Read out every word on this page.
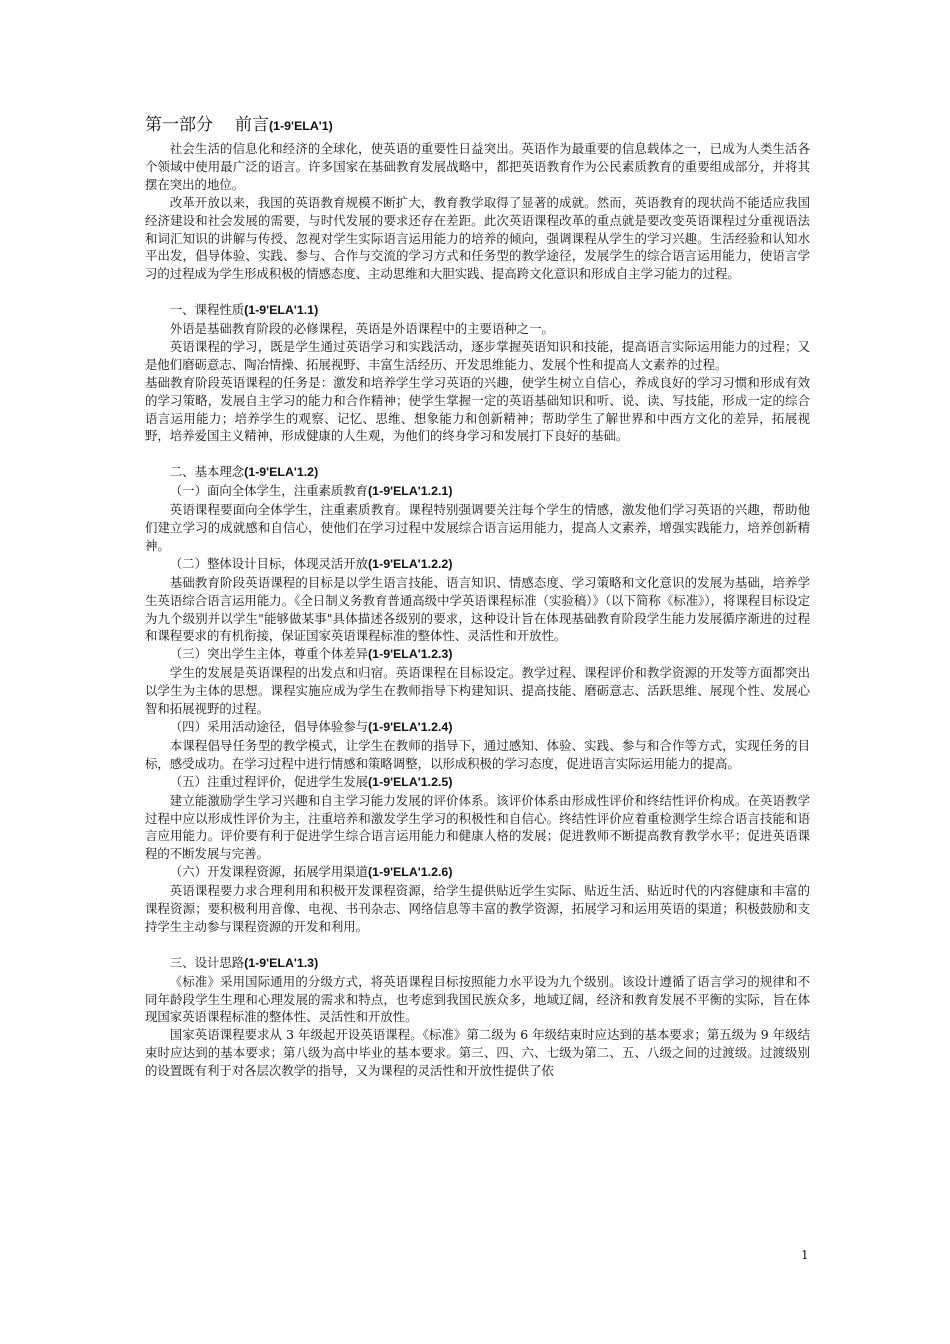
第一部分 前言(1-9'ELA'1)

社会生活的信息化和经济的全球化，使英语的重要性日益突出。英语作为最重要的信息载体之一，已成为人类生活各个领域中使用最广泛的语言。许多国家在基础教育发展战略中，都把英语教育作为公民素质教育的重要组成部分，并将其摆在突出的地位。

改革开放以来，我国的英语教育规模不断扩大，教育教学取得了显著的成就。然而，英语教育的现状尚不能适应我国经济建设和社会发展的需要，与时代发展的要求还存在差距。此次英语课程改革的重点就是要改变英语课程过分重视语法和词汇知识的讲解与传授、忽视对学生实际语言运用能力的培养的倾向，强调课程从学生的学习兴趣。生活经验和认知水平出发，倡导体验、实践、参与、合作与交流的学习方式和任务型的教学途径，发展学生的综合语言运用能力，使语言学习的过程成为学生形成积极的情感态度、主动思维和大胆实践、提高跨文化意识和形成自主学习能力的过程。

一、课程性质(1-9'ELA'1.1)

外语是基础教育阶段的必修课程，英语是外语课程中的主要语种之一。

英语课程的学习，既是学生通过英语学习和实践活动，逐步掌握英语知识和技能，提高语言实际运用能力的过程；又是他们磨砺意志、陶冶情操、拓展视野、丰富生活经历、开发思维能力、发展个性和提高人文素养的过程。

基础教育阶段英语课程的任务是：激发和培养学生学习英语的兴趣，使学生树立自信心，养成良好的学习习惯和形成有效的学习策略，发展自主学习的能力和合作精神；使学生掌握一定的英语基础知识和听、说、读、写技能，形成一定的综合语言运用能力；培养学生的观察、记忆、思维、想象能力和创新精神；帮助学生了解世界和中西方文化的差异，拓展视野，培养爱国主义精神，形成健康的人生观，为他们的终身学习和发展打下良好的基础。

二、基本理念(1-9'ELA'1.2)

（一）面向全体学生，注重素质教育(1-9'ELA'1.2.1)

英语课程要面向全体学生，注重素质教育。课程特别强调要关注每个学生的情感，激发他们学习英语的兴趣，帮助他们建立学习的成就感和自信心，使他们在学习过程中发展综合语言运用能力，提高人文素养，增强实践能力，培养创新精神。

（二）整体设计目标，体现灵活开放(1-9'ELA'1.2.2)

基础教育阶段英语课程的目标是以学生语言技能、语言知识、情感态度、学习策略和文化意识的发展为基础，培养学生英语综合语言运用能力。《全日制义务教育普通高级中学英语课程标准（实验稿）》（以下简称《标准》），将课程目标设定为九个级别并以学生"能够做某事"具体描述各级别的要求，这种设计旨在体现基础教育阶段学生能力发展循序渐进的过程和课程要求的有机衔接，保证国家英语课程标准的整体性、灵活性和开放性。

（三）突出学生主体，尊重个体差异(1-9'ELA'1.2.3)

学生的发展是英语课程的出发点和归宿。英语课程在目标设定。教学过程、课程评价和教学资源的开发等方面都突出以学生为主体的思想。课程实施应成为学生在教师指导下构建知识、提高技能、磨砺意志、活跃思维、展现个性、发展心智和拓展视野的过程。

（四）采用活动途径，倡导体验参与(1-9'ELA'1.2.4)

本课程倡导任务型的教学模式，让学生在教师的指导下，通过感知、体验、实践、参与和合作等方式，实现任务的目标，感受成功。在学习过程中进行情感和策略调整，以形成积极的学习态度，促进语言实际运用能力的提高。

（五）注重过程评价，促进学生发展(1-9'ELA'1.2.5)

建立能激励学生学习兴趣和自主学习能力发展的评价体系。该评价体系由形成性评价和终结性评价构成。在英语教学过程中应以形成性评价为主，注重培养和激发学生学习的积极性和自信心。终结性评价应着重检测学生综合语言技能和语言应用能力。评价要有利于促进学生综合语言运用能力和健康人格的发展；促进教师不断提高教育教学水平；促进英语课程的不断发展与完善。

（六）开发课程资源，拓展学用渠道(1-9'ELA'1.2.6)

英语课程要力求合理利用和积极开发课程资源，给学生提供贴近学生实际、贴近生活、贴近时代的内容健康和丰富的课程资源；要积极利用音像、电视、书刊杂志、网络信息等丰富的教学资源，拓展学习和运用英语的渠道；积极鼓励和支持学生主动参与课程资源的开发和利用。

三、设计思路(1-9'ELA'1.3)

《标准》采用国际通用的分级方式，将英语课程目标按照能力水平设为九个级别。该设计遵循了语言学习的规律和不同年龄段学生生理和心理发展的需求和特点，也考虑到我国民族众多，地域辽阔，经济和教育发展不平衡的实际，旨在体现国家英语课程标准的整体性、灵活性和开放性。

国家英语课程要求从 3 年级起开设英语课程。《标准》第二级为 6 年级结束时应达到的基本要求；第五级为 9 年级结束时应达到的基本要求；第八级为高中毕业的基本要求。第三、四、六、七级为第二、五、八级之间的过渡级。过渡级别的设置既有利于对各层次教学的指导，又为课程的灵活性和开放性提供了依

1
